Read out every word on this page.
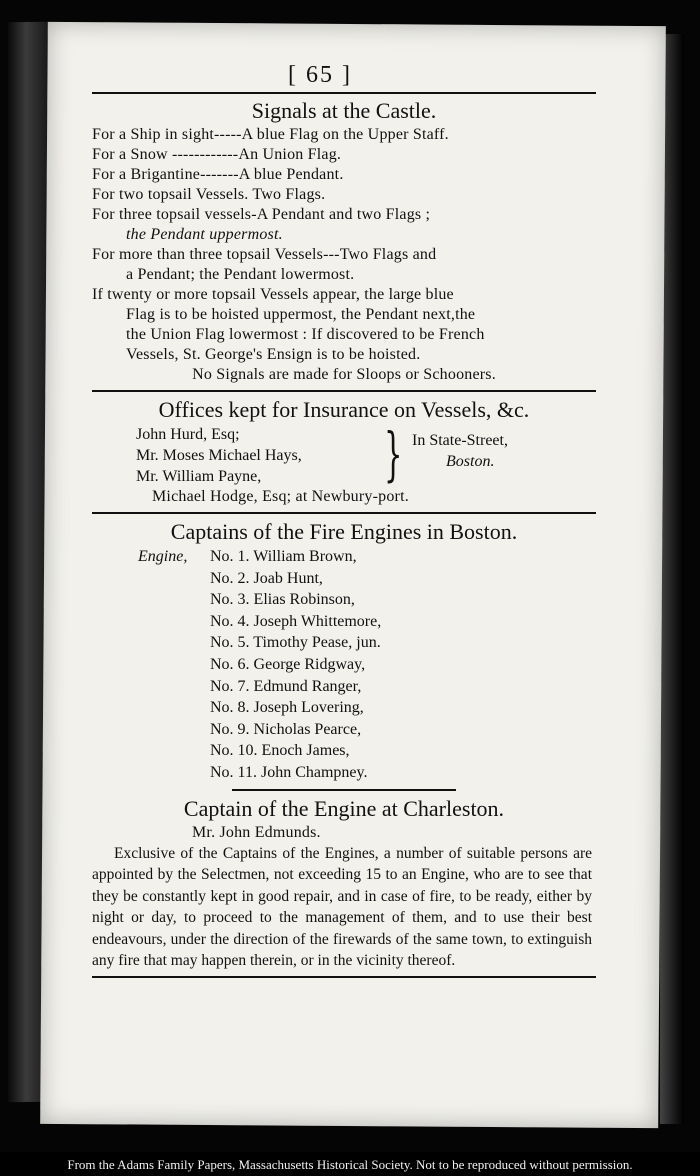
[ 65 ]
Signals at the Castle.
For a Ship in sight-----A blue Flag on the Upper Staff.
For a Snow ------------An Union Flag.
For a Brigantine-------A blue Pendant.
For two topsail Vessels. Two Flags.
For three topsail vessels-A Pendant and two Flags ;
the Pendant uppermost.
For more than three topsail Vessels---Two Flags and
a Pendant; the Pendant lowermost.
If twenty or more topsail Vessels appear, the large blue
Flag is to be hoisted uppermost, the Pendant next,the
the Union Flag lowermost : If discovered to be French
Vessels, St. George's Ensign is to be hoisted.
No Signals are made for Sloops or Schooners.
Offices kept for Insurance on Vessels, &c.
John Hurd, Esq;
Mr. Moses Michael Hays,
Mr. William Payne,	} In State-Street,
Boston.
Michael Hodge, Esq; at Newbury-port.
Captains of the Fire Engines in Boston.
Engine, No. 1. William Brown,
No. 2. Joab Hunt,
No. 3. Elias Robinson,
No. 4. Joseph Whittemore,
No. 5. Timothy Pease, jun.
No. 6. George Ridgway,
No. 7. Edmund Ranger,
No. 8. Joseph Lovering,
No. 9. Nicholas Pearce,
No. 10. Enoch James,
No. 11. John Champney.
Captain of the Engine at Charleston.
Mr. John Edmunds.

Exclusive of the Captains of the Engines, a number of suitable persons are appointed by the Selectmen, not exceeding 15 to an Engine, who are to see that they be constantly kept in good repair, and in case of fire, to be ready, either by night or day, to proceed to the management of them, and to use their best endeavours, under the direction of the firewards of the same town, to extinguish any fire that may happen therein, or in the vicinity thereof.

From the Adams Family Papers, Massachusetts Historical Society. Not to be reproduced without permission.
